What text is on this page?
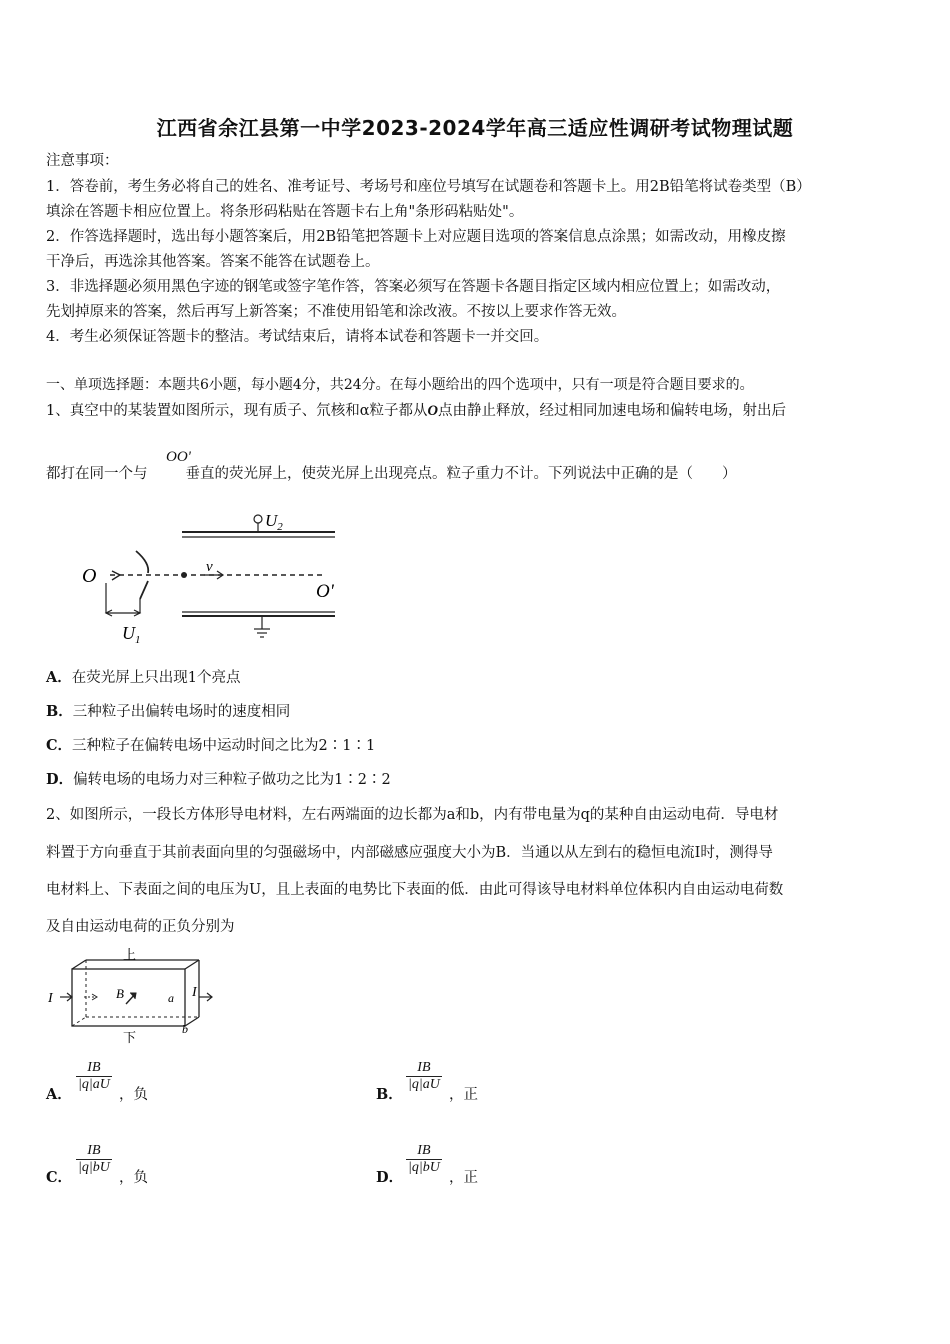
江西省余江县第一中学2023-2024学年高三适应性调研考试物理试题
注意事项：
1．答卷前，考生务必将自己的姓名、准考证号、考场号和座位号填写在试题卷和答题卡上。用2B铅笔将试卷类型（B）
填涂在答题卡相应位置上。将条形码粘贴在答题卡右上角"条形码粘贴处"。
2．作答选择题时，选出每小题答案后，用2B铅笔把答题卡上对应题目选项的答案信息点涂黑；如需改动，用橡皮擦
干净后，再选涂其他答案。答案不能答在试题卷上。
3．非选择题必须用黑色字迹的钢笔或签字笔作答，答案必须写在答题卡各题目指定区域内相应位置上；如需改动，
先划掉原来的答案，然后再写上新答案；不准使用铅笔和涂改液。不按以上要求作答无效。
4．考生必须保证答题卡的整洁。考试结束后，请将本试卷和答题卡一并交回。
一、单项选择题：本题共6小题，每小题4分，共24分。在每小题给出的四个选项中，只有一项是符合题目要求的。
1、真空中的某装置如图所示，现有质子、氘核和α粒子都从O点由静止释放，经过相同加速电场和偏转电场，射出后
都打在同一个与	垂直的荧光屏上，使荧光屏上出现亮点。粒子重力不计。下列说法中正确的是（　　）
OO'
$U_2$
O
O'
v
$U_1$
A．在荧光屏上只出现1个亮点
B．三种粒子出偏转电场时的速度相同
C．三种粒子在偏转电场中运动时间之比为2∶1∶1
D．偏转电场的电场力对三种粒子做功之比为1∶2∶2
2、如图所示，一段长方体形导电材料，左右两端面的边长都为a和b，内有带电量为q的某种自由运动电荷．导电材
料置于方向垂直于其前表面向里的匀强磁场中，内部磁感应强度大小为B．当通以从左到右的稳恒电流I时，测得导
电材料上、下表面之间的电压为U，且上表面的电势比下表面的低．由此可得该导电材料单位体积内自由运动电荷数
及自由运动电荷的正负分别为
上
下
I	I
B	a
b
A．
$\frac{IB}{|q|aU}$
，负	B．
$\frac{IB}{|q|aU}$
，正
C．
$\frac{IB}{|q|bU}$
，负	D．
$\frac{IB}{|q|bU}$
，正
